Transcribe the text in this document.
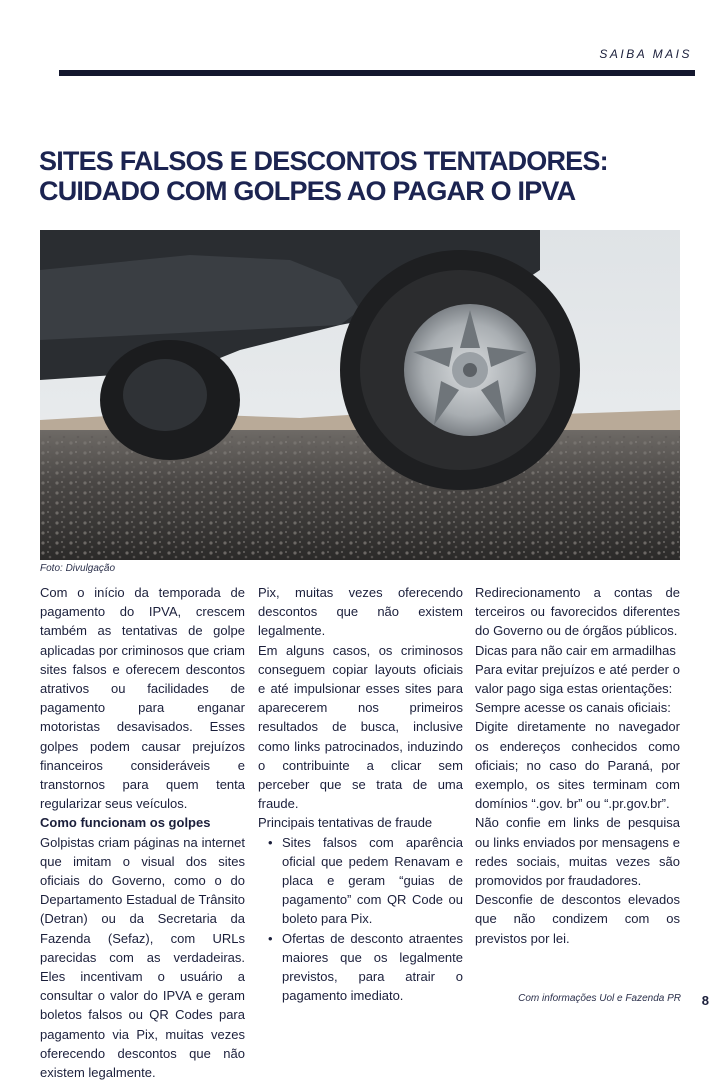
SAIBA MAIS
SITES FALSOS E DESCONTOS TENTADORES: CUIDADO COM GOLPES AO PAGAR O IPVA
Foto: Divulgação

Com o início da temporada de pagamento do IPVA, crescem também as tentativas de golpe aplicadas por criminosos que criam sites falsos e oferecem descontos atrativos ou facilidades de pagamento para enganar motoristas desavisados. Esses golpes podem causar prejuízos financeiros consideráveis e transtornos para quem tenta regularizar seus veículos.

Como funcionam os golpes

Golpistas criam páginas na internet que imitam o visual dos sites oficiais do Governo, como o do Departamento Estadual de Trânsito (Detran) ou da Secretaria da Fazenda (Sefaz), com URLs parecidas com as verdadeiras. Eles incentivam o usuário a consultar o valor do IPVA e geram boletos falsos ou QR Codes para pagamento via Pix, muitas vezes oferecendo descontos que não existem legalmente.

Pix, muitas vezes oferecendo descontos que não existem legalmente.

Em alguns casos, os criminosos conseguem copiar layouts oficiais e até impulsionar esses sites para aparecerem nos primeiros resultados de busca, inclusive como links patrocinados, induzindo o contribuinte a clicar sem perceber que se trata de uma fraude.

Principais tentativas de fraude

• Sites falsos com aparência oficial que pedem Renavam e placa e geram “guias de pagamento” com QR Code ou boleto para Pix.
• Ofertas de desconto atraentes maiores que os legalmente previstos, para atrair o pagamento imediato.

Redirecionamento a contas de terceiros ou favorecidos diferentes do Governo ou de órgãos públicos.

Dicas para não cair em armadilhas

Para evitar prejuízos e até perder o valor pago siga estas orientações:

Sempre acesse os canais oficiais:

Digite diretamente no navegador os endereços conhecidos como oficiais; no caso do Paraná, por exemplo, os sites terminam com domínios “.gov. br” ou “.pr.gov.br”.

Não confie em links de pesquisa ou links enviados por mensagens e redes sociais, muitas vezes são promovidos por fraudadores.

Desconfie de descontos elevados que não condizem com os previstos por lei.

Com informações Uol e Fazenda PR 8
